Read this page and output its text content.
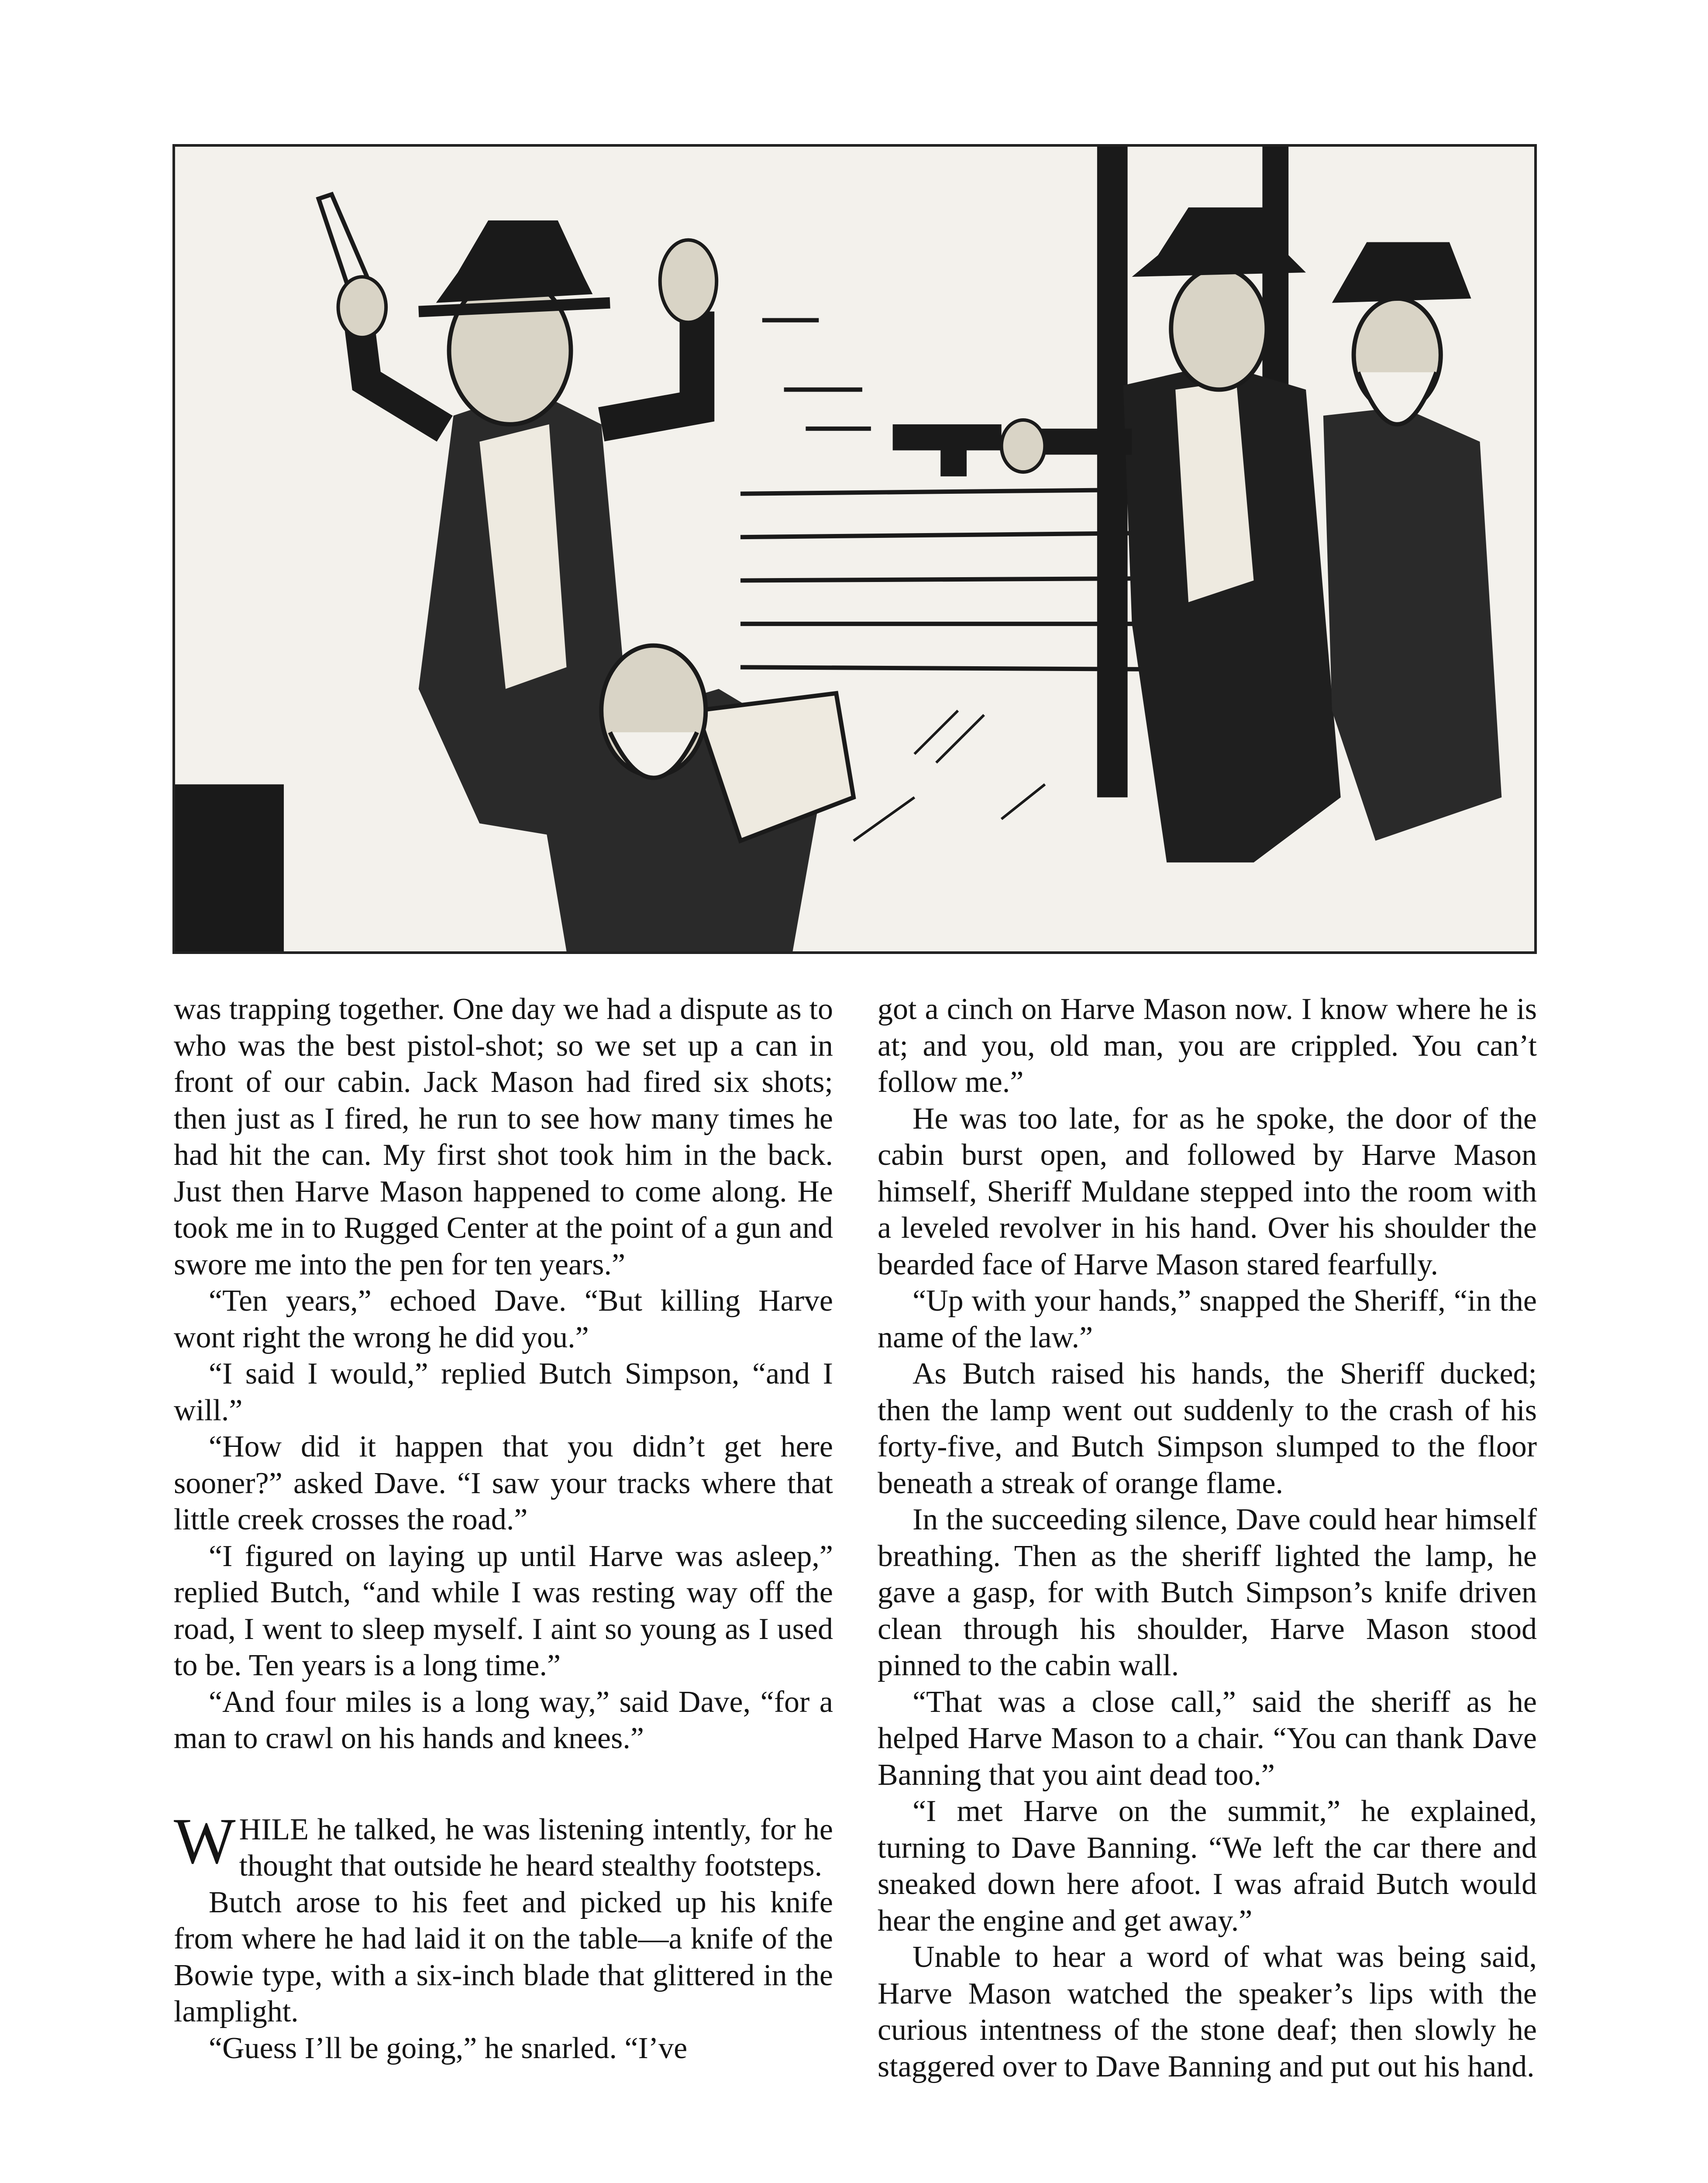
was trapping together. One day we had a dispute as to who was the best pistol-shot; so we set up a can in front of our cabin. Jack Mason had fired six shots; then just as I fired, he run to see how many times he had hit the can. My first shot took him in the back. Just then Harve Mason happened to come along. He took me in to Rugged Center at the point of a gun and swore me into the pen for ten years.”

“Ten years,” echoed Dave. “But killing Harve wont right the wrong he did you.”

“I said I would,” replied Butch Simpson, “and I will.”

“How did it happen that you didn’t get here sooner?” asked Dave. “I saw your tracks where that little creek crosses the road.”

“I figured on laying up until Harve was asleep,” replied Butch, “and while I was resting way off the road, I went to sleep myself. I aint so young as I used to be. Ten years is a long time.”

“And four miles is a long way,” said Dave, “for a man to crawl on his hands and knees.”

WHILE he talked, he was listening intently, for he thought that outside he heard stealthy footsteps.

Butch arose to his feet and picked up his knife from where he had laid it on the table—a knife of the Bowie type, with a six-inch blade that glittered in the lamplight.

“Guess I’ll be going,” he snarled. “I’ve

got a cinch on Harve Mason now. I know where he is at; and you, old man, you are crippled. You can’t follow me.”

He was too late, for as he spoke, the door of the cabin burst open, and followed by Harve Mason himself, Sheriff Muldane stepped into the room with a leveled revolver in his hand. Over his shoulder the bearded face of Harve Mason stared fearfully.

“Up with your hands,” snapped the Sheriff, “in the name of the law.”

As Butch raised his hands, the Sheriff ducked; then the lamp went out suddenly to the crash of his forty-five, and Butch Simpson slumped to the floor beneath a streak of orange flame.

In the succeeding silence, Dave could hear himself breathing. Then as the sheriff lighted the lamp, he gave a gasp, for with Butch Simpson’s knife driven clean through his shoulder, Harve Mason stood pinned to the cabin wall.

“That was a close call,” said the sheriff as he helped Harve Mason to a chair. “You can thank Dave Banning that you aint dead too.”

“I met Harve on the summit,” he explained, turning to Dave Banning. “We left the car there and sneaked down here afoot. I was afraid Butch would hear the engine and get away.”

Unable to hear a word of what was being said, Harve Mason watched the speaker’s lips with the curious intentness of the stone deaf; then slowly he staggered over to Dave Banning and put out his hand.
